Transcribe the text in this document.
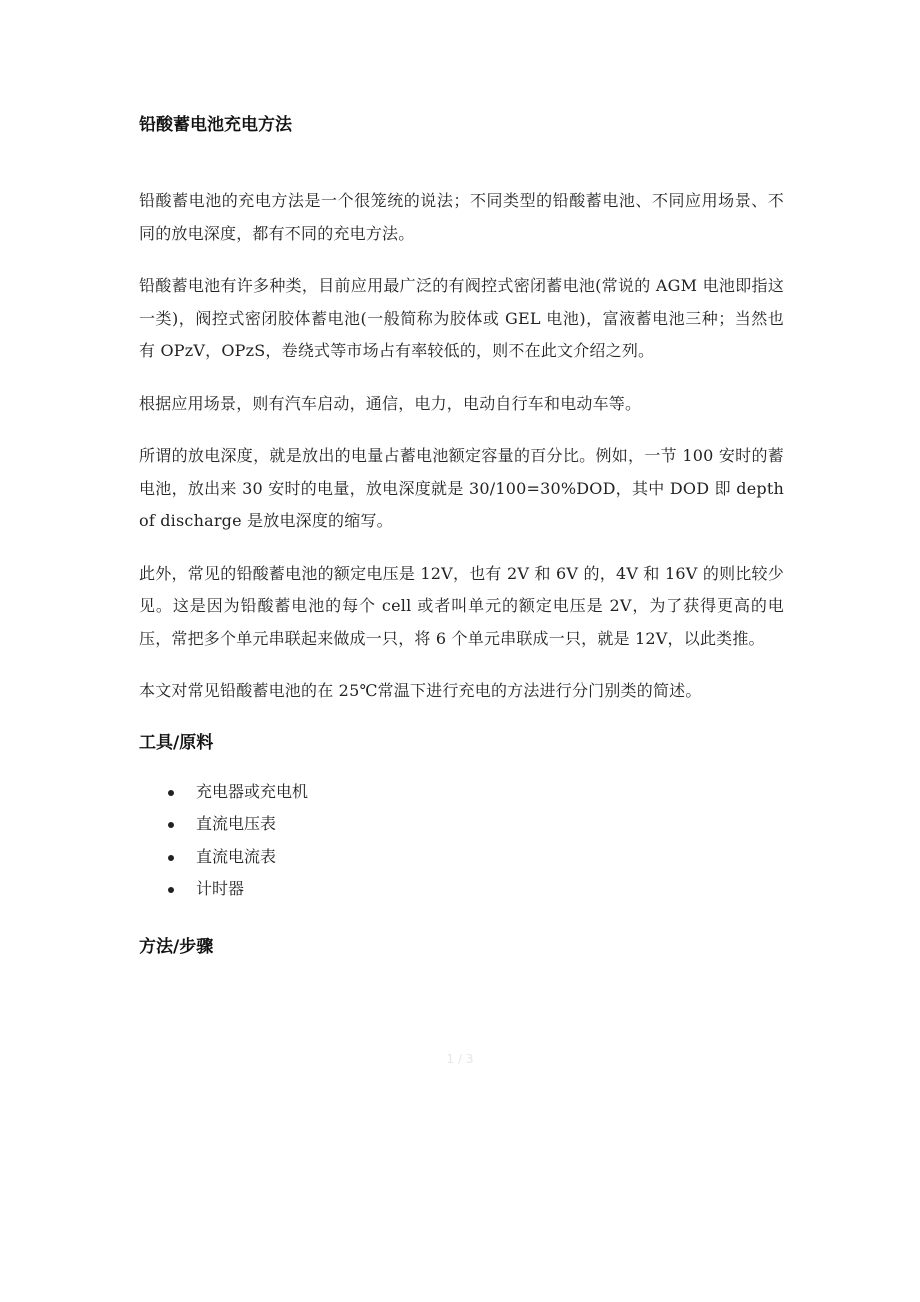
铅酸蓄电池充电方法

铅酸蓄电池的充电方法是一个很笼统的说法；不同类型的铅酸蓄电池、不同应用场景、不同的放电深度，都有不同的充电方法。

铅酸蓄电池有许多种类，目前应用最广泛的有阀控式密闭蓄电池(常说的 AGM 电池即指这一类)，阀控式密闭胶体蓄电池(一般简称为胶体或 GEL 电池)，富液蓄电池三种；当然也有 OPzV，OPzS，卷绕式等市场占有率较低的，则不在此文介绍之列。

根据应用场景，则有汽车启动，通信，电力，电动自行车和电动车等。

所谓的放电深度，就是放出的电量占蓄电池额定容量的百分比。例如，一节 100 安时的蓄电池，放出来 30 安时的电量，放电深度就是 30/100=30%DOD，其中 DOD 即 depth of discharge 是放电深度的缩写。

此外，常见的铅酸蓄电池的额定电压是 12V，也有 2V 和 6V 的，4V 和 16V 的则比较少见。这是因为铅酸蓄电池的每个 cell 或者叫单元的额定电压是 2V，为了获得更高的电压，常把多个单元串联起来做成一只，将 6 个单元串联成一只，就是 12V，以此类推。

本文对常见铅酸蓄电池的在 25℃常温下进行充电的方法进行分门别类的简述。

工具/原料
充电器或充电机
直流电压表
直流电流表
计时器
方法/步骤
1 / 3
